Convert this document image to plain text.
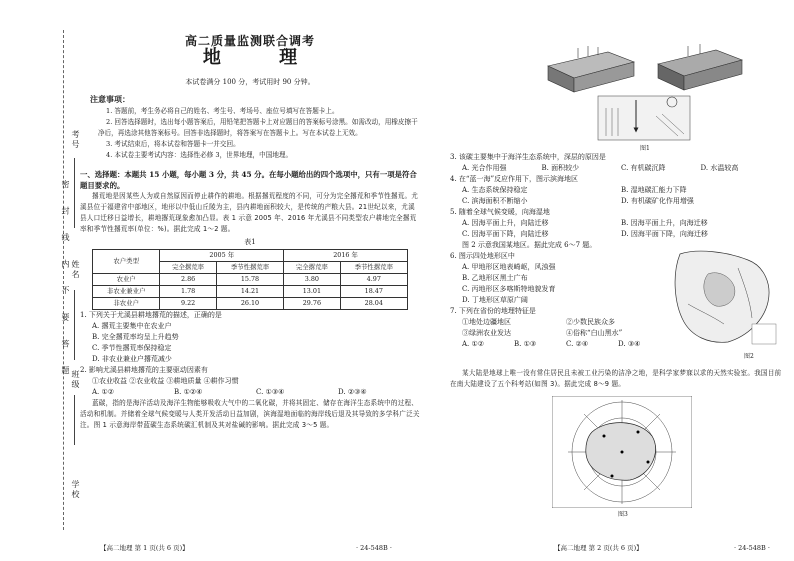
考号
姓名
班级
学校
密 封 线 内 不 要 答 题
高二质量监测联合调考
地 理
本试卷满分 100 分，考试用时 90 分钟。
注意事项：

1. 答题前，考生务必将自己的姓名、考生号、考场号、座位号填写在答题卡上。

2. 回答选择题时，选出每小题答案后，用铅笔把答题卡上对应题目的答案标号涂黑。如需改动，用橡皮擦干净后，再选涂其他答案标号。回答非选择题时，将答案写在答题卡上。写在本试卷上无效。

3. 考试结束后，将本试卷和答题卡一并交回。

4. 本试卷主要考试内容：选择性必修 3，世界地理，中国地理。

一、选择题：本题共 15 小题，每小题 3 分，共 45 分。在每小题给出的四个选项中，只有一项是符合题目要求的。

撂荒地是因某些人为或自然原因而停止耕作的耕地。根据撂荒程度的不同，可分为完全撂荒和季节性撂荒。尤溪县位于福建省中部地区，地形以中低山丘陵为主，县内耕地面积较大，是传统的产粮大县。21世纪以来，尤溪县人口迁移日益增长，耕地撂荒现象愈加凸显。表 1 示意 2005 年、2016 年尤溪县不同类型农户耕地完全撂荒率和季节性撂荒率(单位：%)。据此完成 1～2 题。

表1
农户类型	2005 年		2016 年	
	完全撂荒率	季节性撂荒率	完全撂荒率	季节性撂荒率
农业户	2.86	15.78	3.80	4.97
非农业兼业户	1.78	14.21	13.01	18.47
非农业户	9.22	26.10	29.76	28.04

1. 下列关于尤溪县耕地撂荒的描述，正确的是

A. 撂荒主要集中在农业户

B. 完全撂荒率均呈上升趋势

C. 季节性撂荒率保持稳定

D. 非农业兼业户撂荒减少

2. 影响尤溪县耕地撂荒的主要驱动因素有

①农业收益 ②农业收益 ③耕地质量 ④耕作习惯

A. ①②	B. ①②④	C. ①③④	D. ②③④

蓝碳，指的是海洋活动及海洋生物能够吸收大气中的二氧化碳，并将其固定、储存在海洋生态系统中的过程、活动和机制。并储着全球气候变暖与人类开发活动日益加剧，滨海湿地面临的海岸线后退及其导致的多学科广泛关注。图 1 示意海岸带蓝碳生态系统碳汇机制及其对盐碱的影响。据此完成 3～5 题。

【高二地理 第 1 页(共 6 页)】	· 24-548B ·
图1

3. 该碳主要集中于海洋生态系统中，深层的原因是

A. 光合作用强	B. 面积较少	C. 有机碳沉降	D. 水温较高

4. 在“蓝一海”反应作用下，图示滨海地区

A. 生态系统保持稳定	B. 湿地碳汇能力下降
C. 滨海面积不断缩小	D. 有机碳矿化作用增强

5. 随着全球气候变暖，向海湿地

A. 因海平面上升，向陆迁移	B. 因海平面上升，向海迁移
C. 因海平面下降，向陆迁移	D. 因海平面下降，向海迁移

图 2 示意我国某地区。据此完成 6～7 题。

6. 图示四处地形区中

A. 甲地形区地表崎岖，风浊强

B. 乙地形区黑土广布

C. 丙地形区多喀斯特地貌发育

D. 丁地形区草原广阔

7. 下列在省份的地理特征是

①地处边疆地区	②少数民族众多
③绿洲农业发达	④俗称“白山黑水”
A. ①②	B. ①③	C. ②④	D. ③④
图2

某大陆是地球上唯一没有常住居民且未被工业污染的洁净之地，是科学家梦寐以求的天然实验室。我国目前在南大陆建设了五个科考站(如图 3)。据此完成 8～9 题。

图3
【高二地理 第 2 页(共 6 页)】	· 24-548B ·
